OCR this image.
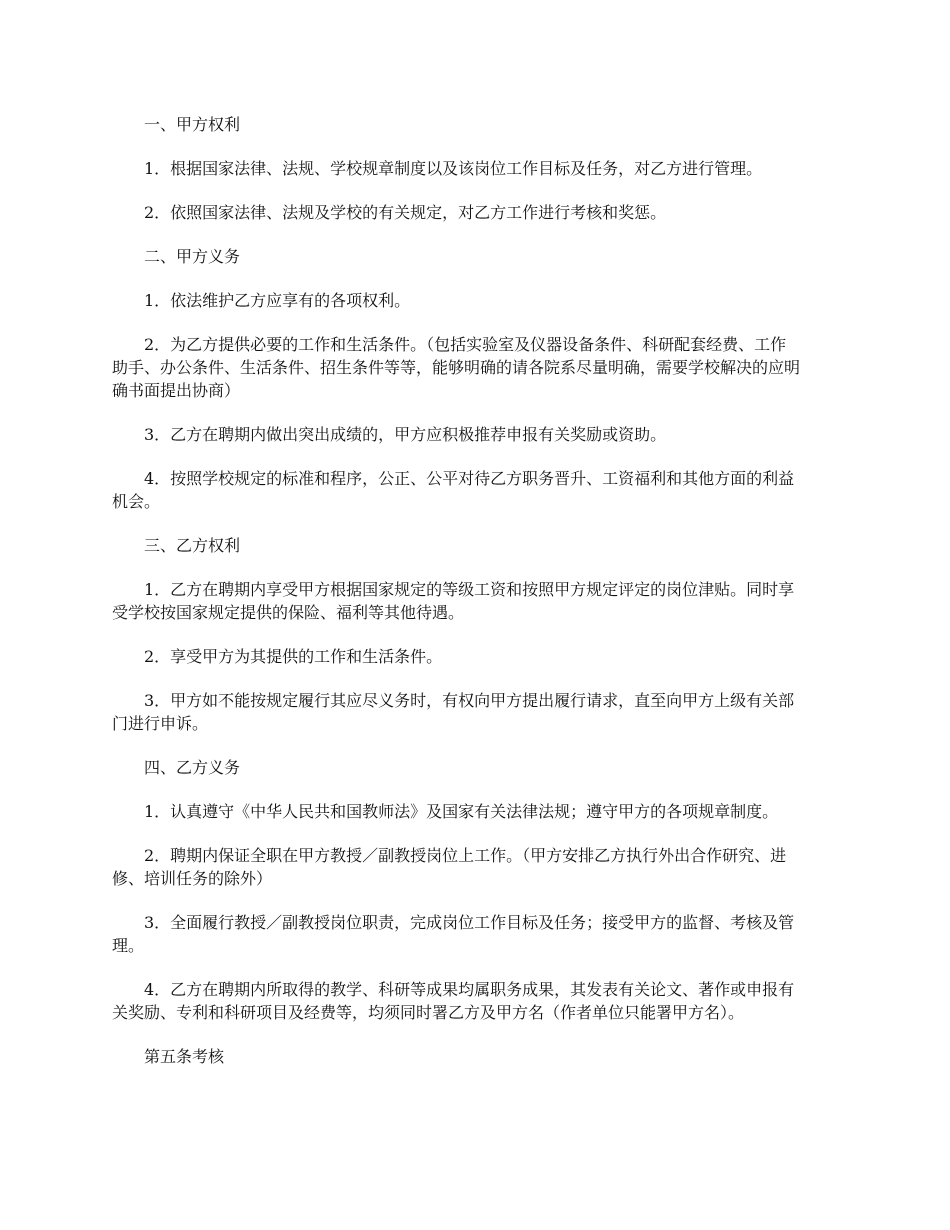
一、甲方权利

1．根据国家法律、法规、学校规章制度以及该岗位工作目标及任务，对乙方进行管理。

2．依照国家法律、法规及学校的有关规定，对乙方工作进行考核和奖惩。

二、甲方义务

1．依法维护乙方应享有的各项权利。

2．为乙方提供必要的工作和生活条件。（包括实验室及仪器设备条件、科研配套经费、工作助手、办公条件、生活条件、招生条件等等，能够明确的请各院系尽量明确，需要学校解决的应明确书面提出协商）

3．乙方在聘期内做出突出成绩的，甲方应积极推荐申报有关奖励或资助。

4．按照学校规定的标准和程序，公正、公平对待乙方职务晋升、工资福利和其他方面的利益机会。

三、乙方权利

1．乙方在聘期内享受甲方根据国家规定的等级工资和按照甲方规定评定的岗位津贴。同时享受学校按国家规定提供的保险、福利等其他待遇。

2．享受甲方为其提供的工作和生活条件。

3．甲方如不能按规定履行其应尽义务时，有权向甲方提出履行请求，直至向甲方上级有关部门进行申诉。

四、乙方义务

1．认真遵守《中华人民共和国教师法》及国家有关法律法规；遵守甲方的各项规章制度。

2．聘期内保证全职在甲方教授／副教授岗位上工作。（甲方安排乙方执行外出合作研究、进修、培训任务的除外）

3．全面履行教授／副教授岗位职责，完成岗位工作目标及任务；接受甲方的监督、考核及管理。

4．乙方在聘期内所取得的教学、科研等成果均属职务成果，其发表有关论文、著作或申报有关奖励、专利和科研项目及经费等，均须同时署乙方及甲方名（作者单位只能署甲方名）。

第五条考核
